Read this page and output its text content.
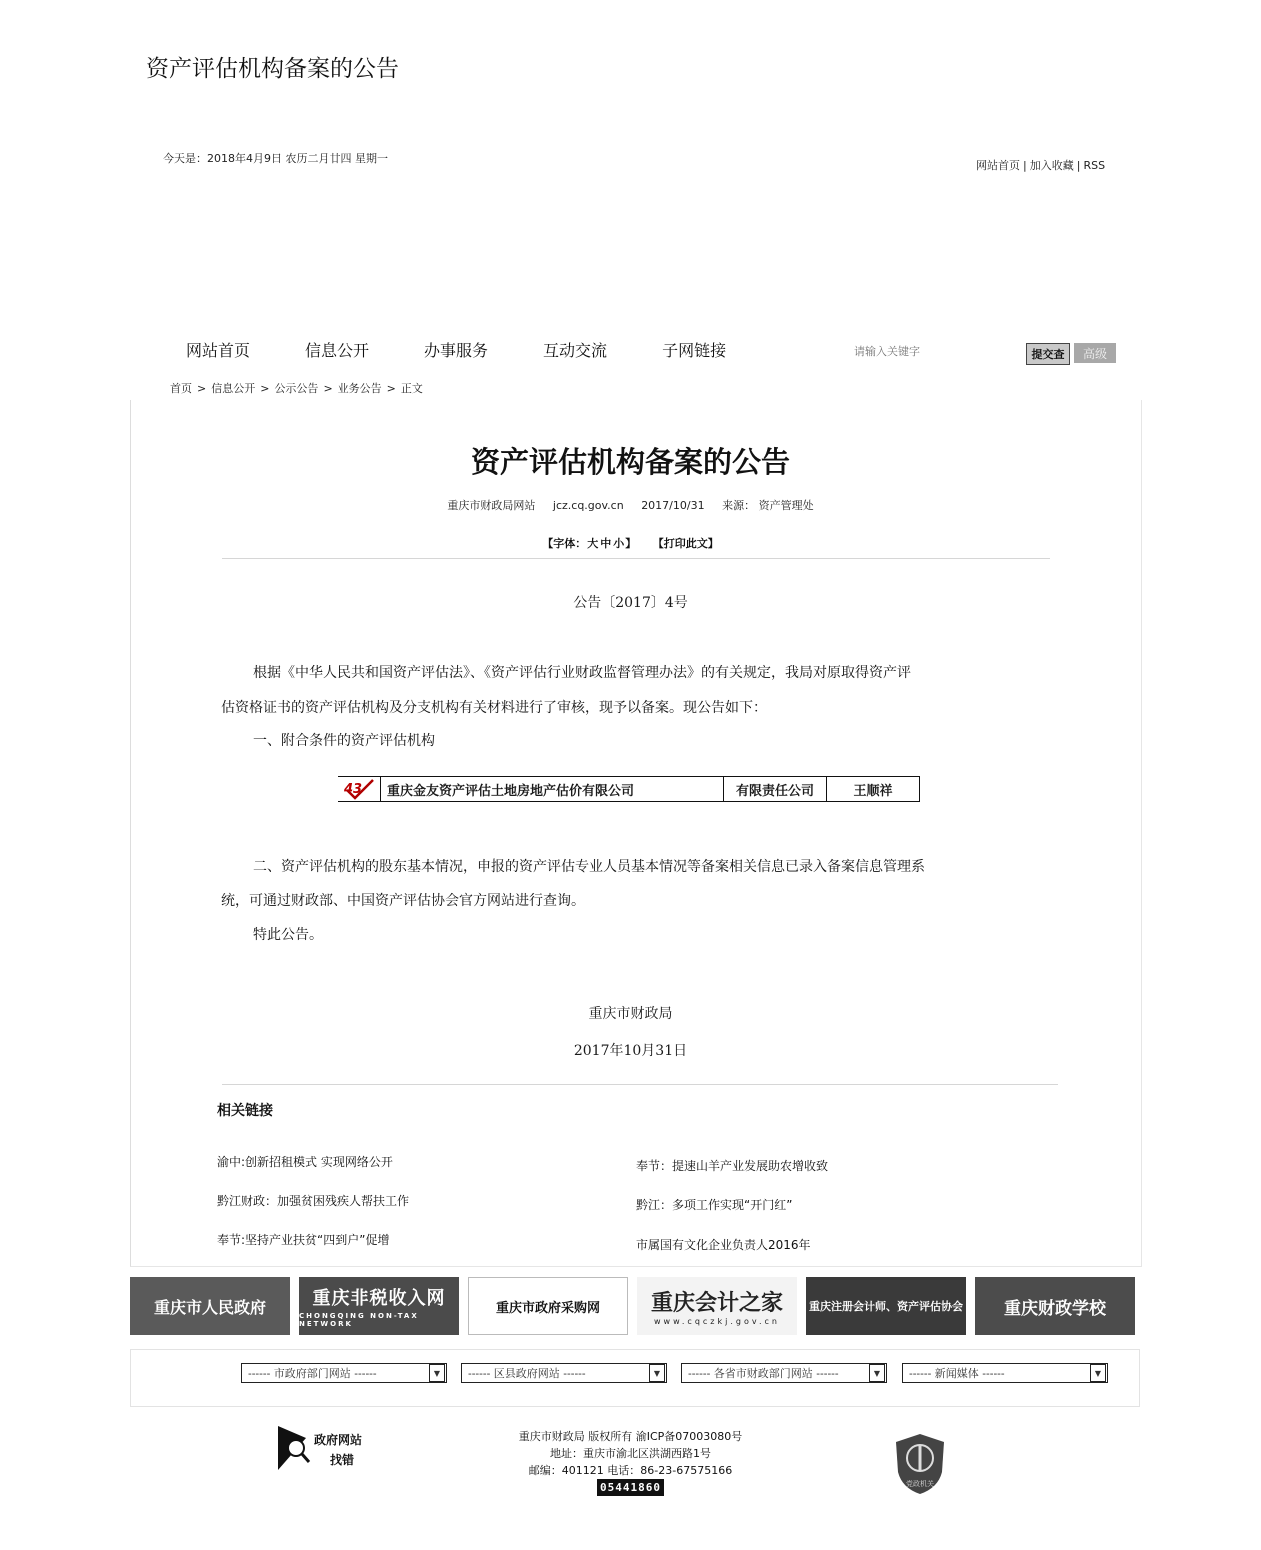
资产评估机构备案的公告
今天是：2018年4月9日 农历二月廿四 星期一
网站首页 | 加入收藏 | RSS
网站首页	信息公开	办事服务	互动交流	子网链接
请输入关键字	提交查	高级
首页 > 信息公开 > 公示公告 > 业务公告 > 正文
资产评估机构备案的公告
重庆市财政局网站 jcz.cq.gov.cn 2017/10/31 来源： 资产管理处
【字体：大 中 小】 【打印此文】
公告〔2017〕4号
根据《中华人民共和国资产评估法》、《资产评估行业财政监督管理办法》的有关规定，我局对原取得资产评
估资格证书的资产评估机构及分支机构有关材料进行了审核，现予以备案。现公告如下：
一、附合条件的资产评估机构
43	重庆金友资产评估土地房地产估价有限公司	有限责任公司	王顺祥
二、资产评估机构的股东基本情况，申报的资产评估专业人员基本情况等备案相关信息已录入备案信息管理系
统，可通过财政部、中国资产评估协会官方网站进行查询。
特此公告。
重庆市财政局
2017年10月31日
相关链接
渝中:创新招租模式 实现网络公开
黔江财政：加强贫困残疾人帮扶工作
奉节:坚持产业扶贫“四到户”促增
奉节：提速山羊产业发展助农增收致
黔江：多项工作实现“开门红”
市属国有文化企业负责人2016年
重庆市人民政府	重庆非税收入网
CHONGQING NON-TAX NETWORK
重庆市政府采购网 重庆会计之家
www.cqczkj.gov.cn
重庆注册会计师、资产评估协会 重庆财政学校
------ 市政府部门网站 ------	▼	------ 区县政府网站 ------	▼	------ 各省市财政部门网站 ------	▼	------ 新闻媒体 ------	▼
政府网站
找错
重庆市财政局 版权所有 渝ICP备07003080号
地址：重庆市渝北区洪湖西路1号
邮编：401121 电话：86-23-67575166
05441860	党政机关
